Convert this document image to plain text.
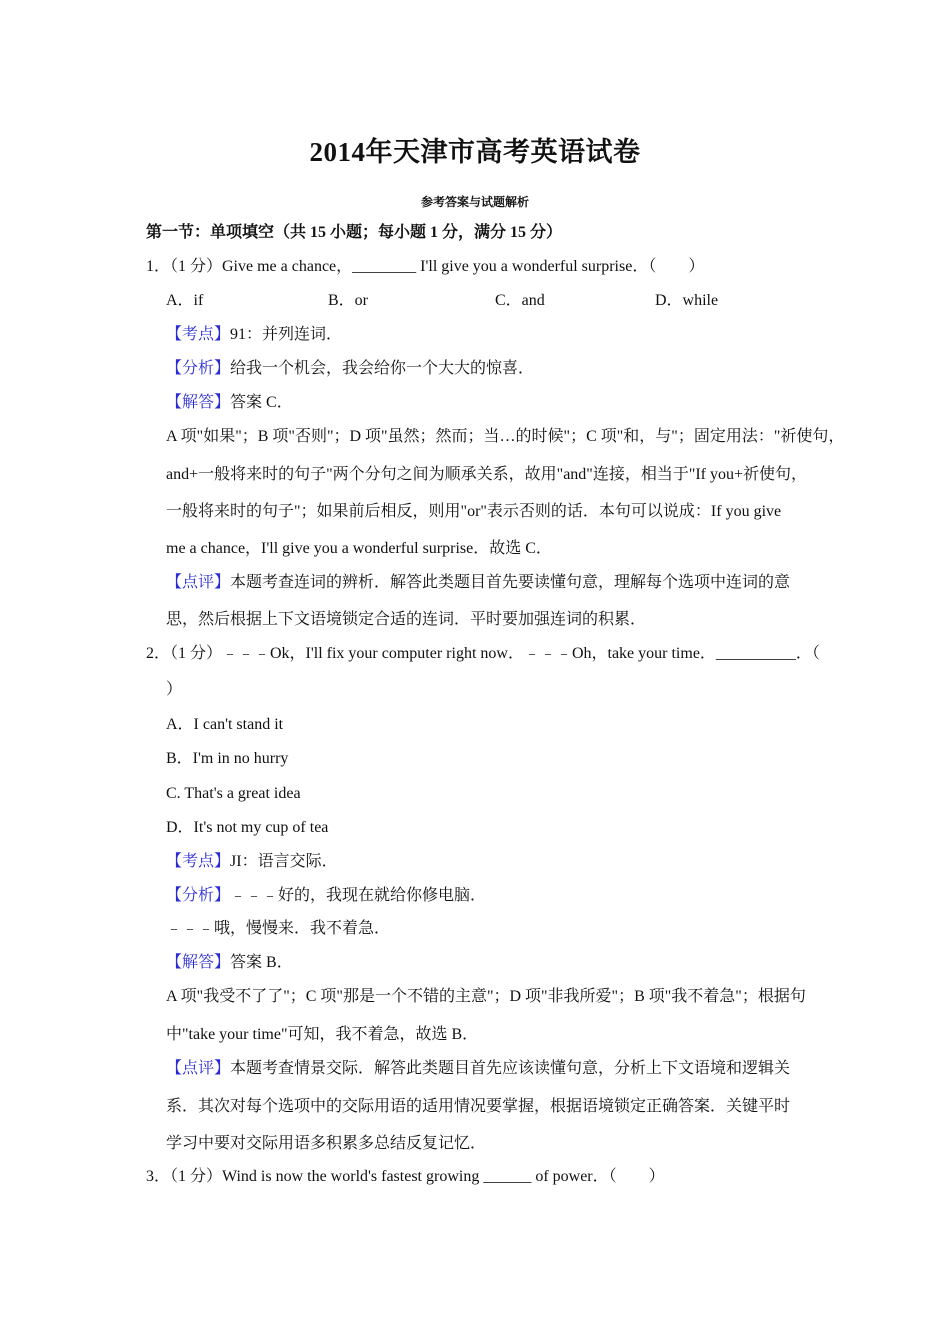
2014年天津市高考英语试卷
参考答案与试题解析
第一节：单项填空（共 15 小题；每小题 1 分，满分 15 分）
1．（1 分）Give me a chance，________ I'll give you a wonderful surprise．（　　）
A．if	B．or	C．and	D．while
【考点】91：并列连词．
【分析】给我一个机会，我会给你一个大大的惊喜．
【解答】答案 C．
A 项"如果"；B 项"否则"；D 项"虽然；然而；当…的时候"；C 项"和，与"；固定用法："祈使句，
and+一般将来时的句子"两个分句之间为顺承关系，故用"and"连接，相当于"If you+祈使句，
一般将来时的句子"；如果前后相反，则用"or"表示否则的话．本句可以说成：If you give
me a chance，I'll give you a wonderful surprise．故选 C．
【点评】本题考查连词的辨析．解答此类题目首先要读懂句意，理解每个选项中连词的意
思，然后根据上下文语境锁定合适的连词．平时要加强连词的积累．
2．（1 分）﹣﹣﹣Ok，I'll fix your computer right now．﹣﹣﹣Oh，take your time．__________．（
）
A．I can't stand it
B．I'm in no hurry
C. That's a great idea
D．It's not my cup of tea
【考点】JI：语言交际．
【分析】﹣﹣﹣好的，我现在就给你修电脑．
﹣﹣﹣哦，慢慢来．我不着急．
【解答】答案 B．
A 项"我受不了了"；C 项"那是一个不错的主意"；D 项"非我所爱"；B 项"我不着急"；根据句
中"take your time"可知，我不着急，故选 B．
【点评】本题考查情景交际．解答此类题目首先应该读懂句意，分析上下文语境和逻辑关
系．其次对每个选项中的交际用语的适用情况要掌握，根据语境锁定正确答案．关键平时
学习中要对交际用语多积累多总结反复记忆．
3．（1 分）Wind is now the world's fastest growing ______ of power．（　　）
